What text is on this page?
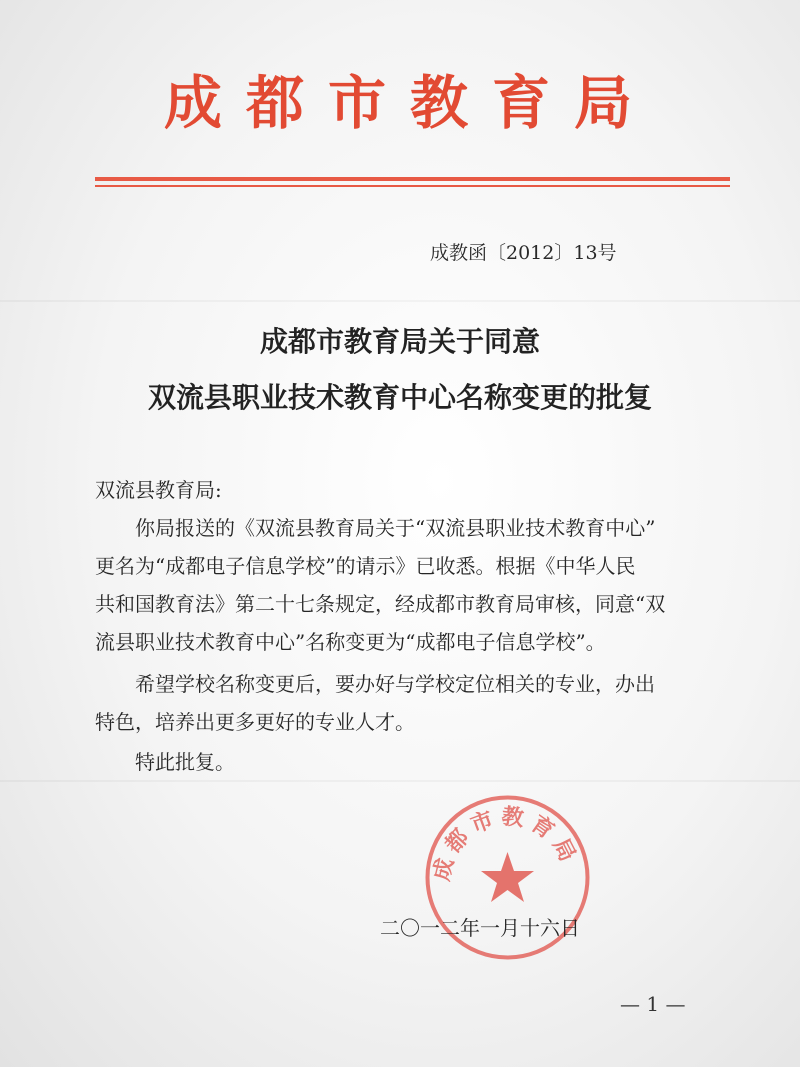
成都市教育局
成教函〔2012〕13号
成都市教育局关于同意
双流县职业技术教育中心名称变更的批复
双流县教育局:
你局报送的《双流县教育局关于“双流县职业技术教育中心”
更名为“成都电子信息学校”的请示》已收悉。根据《中华人民
共和国教育法》第二十七条规定，经成都市教育局审核，同意“双
流县职业技术教育中心”名称变更为“成都电子信息学校”。
希望学校名称变更后，要办好与学校定位相关的专业，办出
特色，培养出更多更好的专业人才。
特此批复。
成都市教育局
二〇一二年一月十六日
— 1 —
